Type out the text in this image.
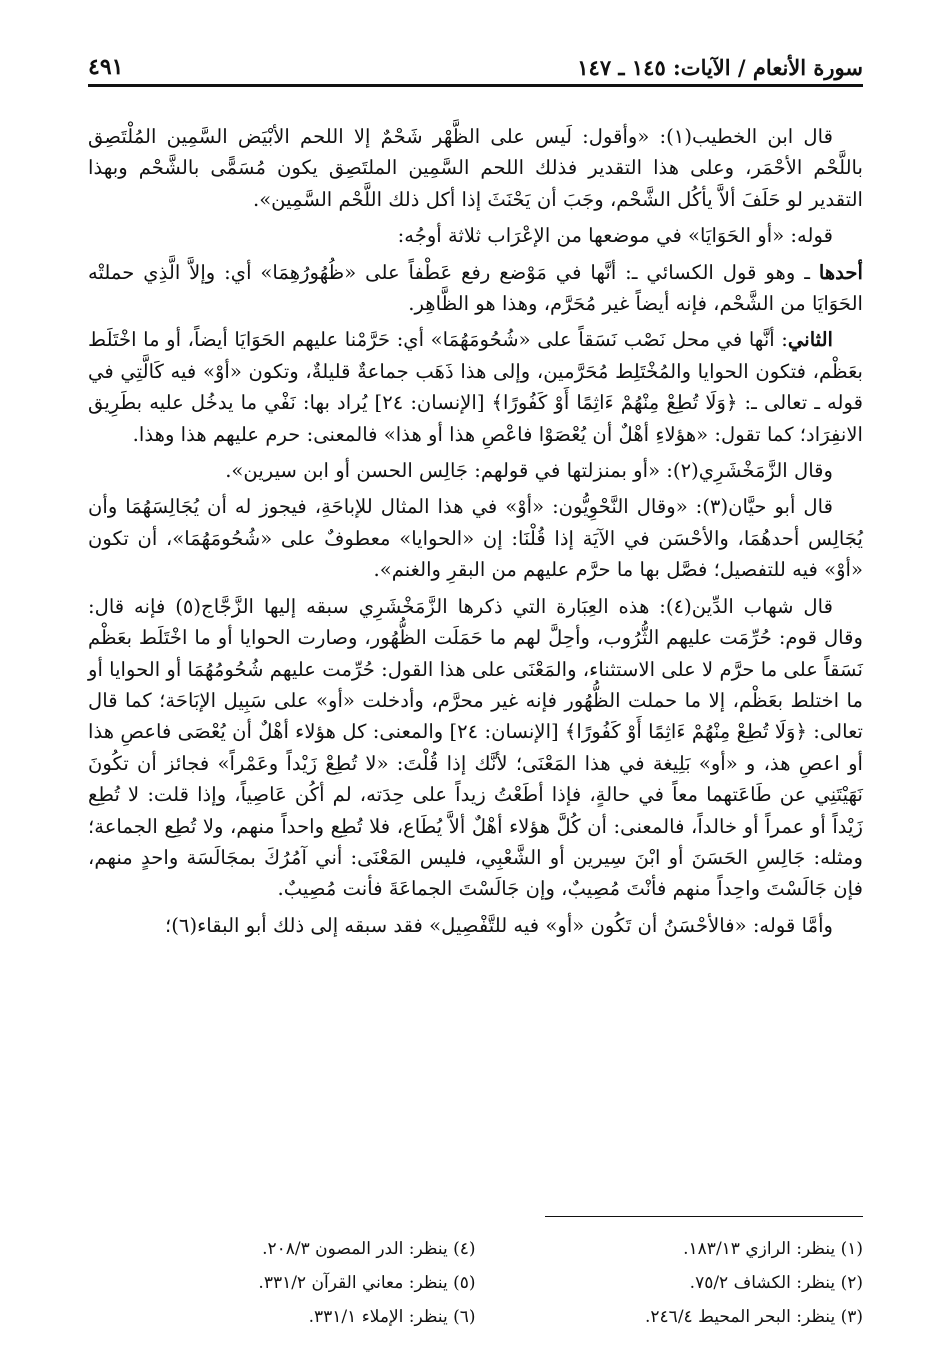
سورة الأنعام / الآيات: ١٤٥ ـ ١٤٧
٤٩١

قال ابن الخطيب(١): «وأقول: لَيس على الظَّهْر شَحْمٌ إلا اللحم الأبْيَض السَّمِين المُلْتَصِق باللَّحْم الأحْمَر، وعلى هذا التقدير فذلك اللحم السَّمِين الملتَصِق يكون مُسَمًّى بالشَّحْم وبهذا التقدير لو حَلَفَ ألاَّ يأكُل الشَّحْم، وجَبَ أن يَحْنَثَ إذا أكل ذلك اللَّحْم السَّمِين».

قوله: «أو الحَوَايَا» في موضعها من الإعْرَاب ثلاثة أوجُه:

أحدها ـ وهو قول الكسائي ـ: أنَّها في مَوْضع رفع عَطْفاً على «ظُهُورُهِمَا» أي: وإلاَّ الَّذِي حملتْه الحَوَايَا من الشَّحْم، فإنه أيضاً غير مُحَرَّم، وهذا هو الظَّاهِر.

الثاني: أنَّها في محل نَصْب نَسَقاً على «شُحُومَهُمَا» أي: حَرَّمْنا عليهم الحَوَايَا أيضاً، أو ما اخْتَلَط بعَظْم، فتكون الحوايا والمُخْتَلِط مُحَرَّمين، وإلى هذا ذَهَب جماعةٌ قليلةٌ، وتكون «أوْ» فيه كَالَّتِي في قوله ـ تعالى ـ: ﴿وَلَا تُطِعْ مِنْهُمْ ءَاثِمًا أَوْ كَفُورًا﴾ [الإنسان: ٢٤] يُراد بها: نَفْي ما يدخُل عليه بطَرِيق الانفِرَاد؛ كما تقول: «هؤلاءِ أهْلٌ أن يُعْصَوْا فاعْصِ هذا أو هذا» فالمعنى: حرم عليهم هذا وهذا.

وقال الزَّمَخْشَرِي(٢): «أو بمنزلتها في قولهم: جَالِس الحسن أو ابن سيرين».

قال أبو حيَّان(٣): «وقال النَّحْوِيُّون: «أوْ» في هذا المثال للإباحَةِ، فيجوز له أن يُجَالِسَهُمَا وأن يُجَالِس أحدهُمَا، والأحْسَن في الآيَة إذا قُلْنَا: إن «الحوايا» معطوفٌ على «شُحُومَهُمَا»، أن تكون «أوْ» فيه للتفصيل؛ فصَّل بها ما حرَّم عليهم من البقرِ والغنم».

قال شهاب الدِّين(٤): هذه العِبَارة التي ذكرها الزَّمَخْشَرِي سبقه إليها الزَّجَّاج(٥) فإنه قال: وقال قوم: حُرِّمَت عليهم الثُّرُوب، وأحِلَّ لهم ما حَمَلَت الظُّهُور، وصارت الحوايا أو ما اخْتَلَط بعَظْم نَسَقاً على ما حرَّم لا على الاستثناء، والمَعْنَى على هذا القول: حُرِّمت عليهم شُحُومُهُمَا أو الحوايا أو ما اختلط بعَظْم، إلا ما حملت الظُّهُور فإنه غير محرَّم، وأدخلت «أو» على سَبِيل الإبَاحَة؛ كما قال تعالى: ﴿وَلَا تُطِعْ مِنْهُمْ ءَاثِمًا أَوْ كَفُورًا﴾ [الإنسان: ٢٤] والمعنى: كل هؤلاء أهْلٌ أن يُعْصَى فاعصِ هذا أو اعصِ هذ، و «أو» بَلِيغة في هذا المَعْنَى؛ لأنَّك إذا قُلْتَ: «لا تُطِعْ زَيْداً وعَمْراً» فجائز أن تكُونَ نَهَيْتَنِي عن طَاعَتهما معاً في حالةٍ، فإذا أطَعْتُ زيداً على حِدَته، لم أكُن عَاصِياً، وإذا قلت: لا تُطِع زَيْداً أو عمراً أو خالداً، فالمعنى: أن كُلَّ هؤلاء أهْلٌ ألاَّ يُطَاع، فلا تُطِع واحداً منهم، ولا تُطِع الجماعة؛ ومثله: جَالِسِ الحَسَنَ أو ابْنَ سِيرين أو الشَّعْبِي، فليس المَعْنَى: أني آمُرُكَ بمجَالَسَة واحدٍ منهم، فإن جَالَسْتَ واحِداً منهم فأنْتَ مُصِيبٌ، وإن جَالَسْتَ الجماعَةَ فأنت مُصِيبٌ.

وأمَّا قوله: «فالأحْسَنُ أن تَكُون «أو» فيه للتَّفْصِيل» فقد سبقه إلى ذلك أبو البقاء(٦)؛

(١) ينظر: الرازي ١٨٣/١٣.
(٢) ينظر: الكشاف ٧٥/٢.
(٣) ينظر: البحر المحيط ٢٤٦/٤.
(٤) ينظر: الدر المصون ٢٠٨/٣.
(٥) ينظر: معاني القرآن ٣٣١/٢.
(٦) ينظر: الإملاء ٣٣١/١.
